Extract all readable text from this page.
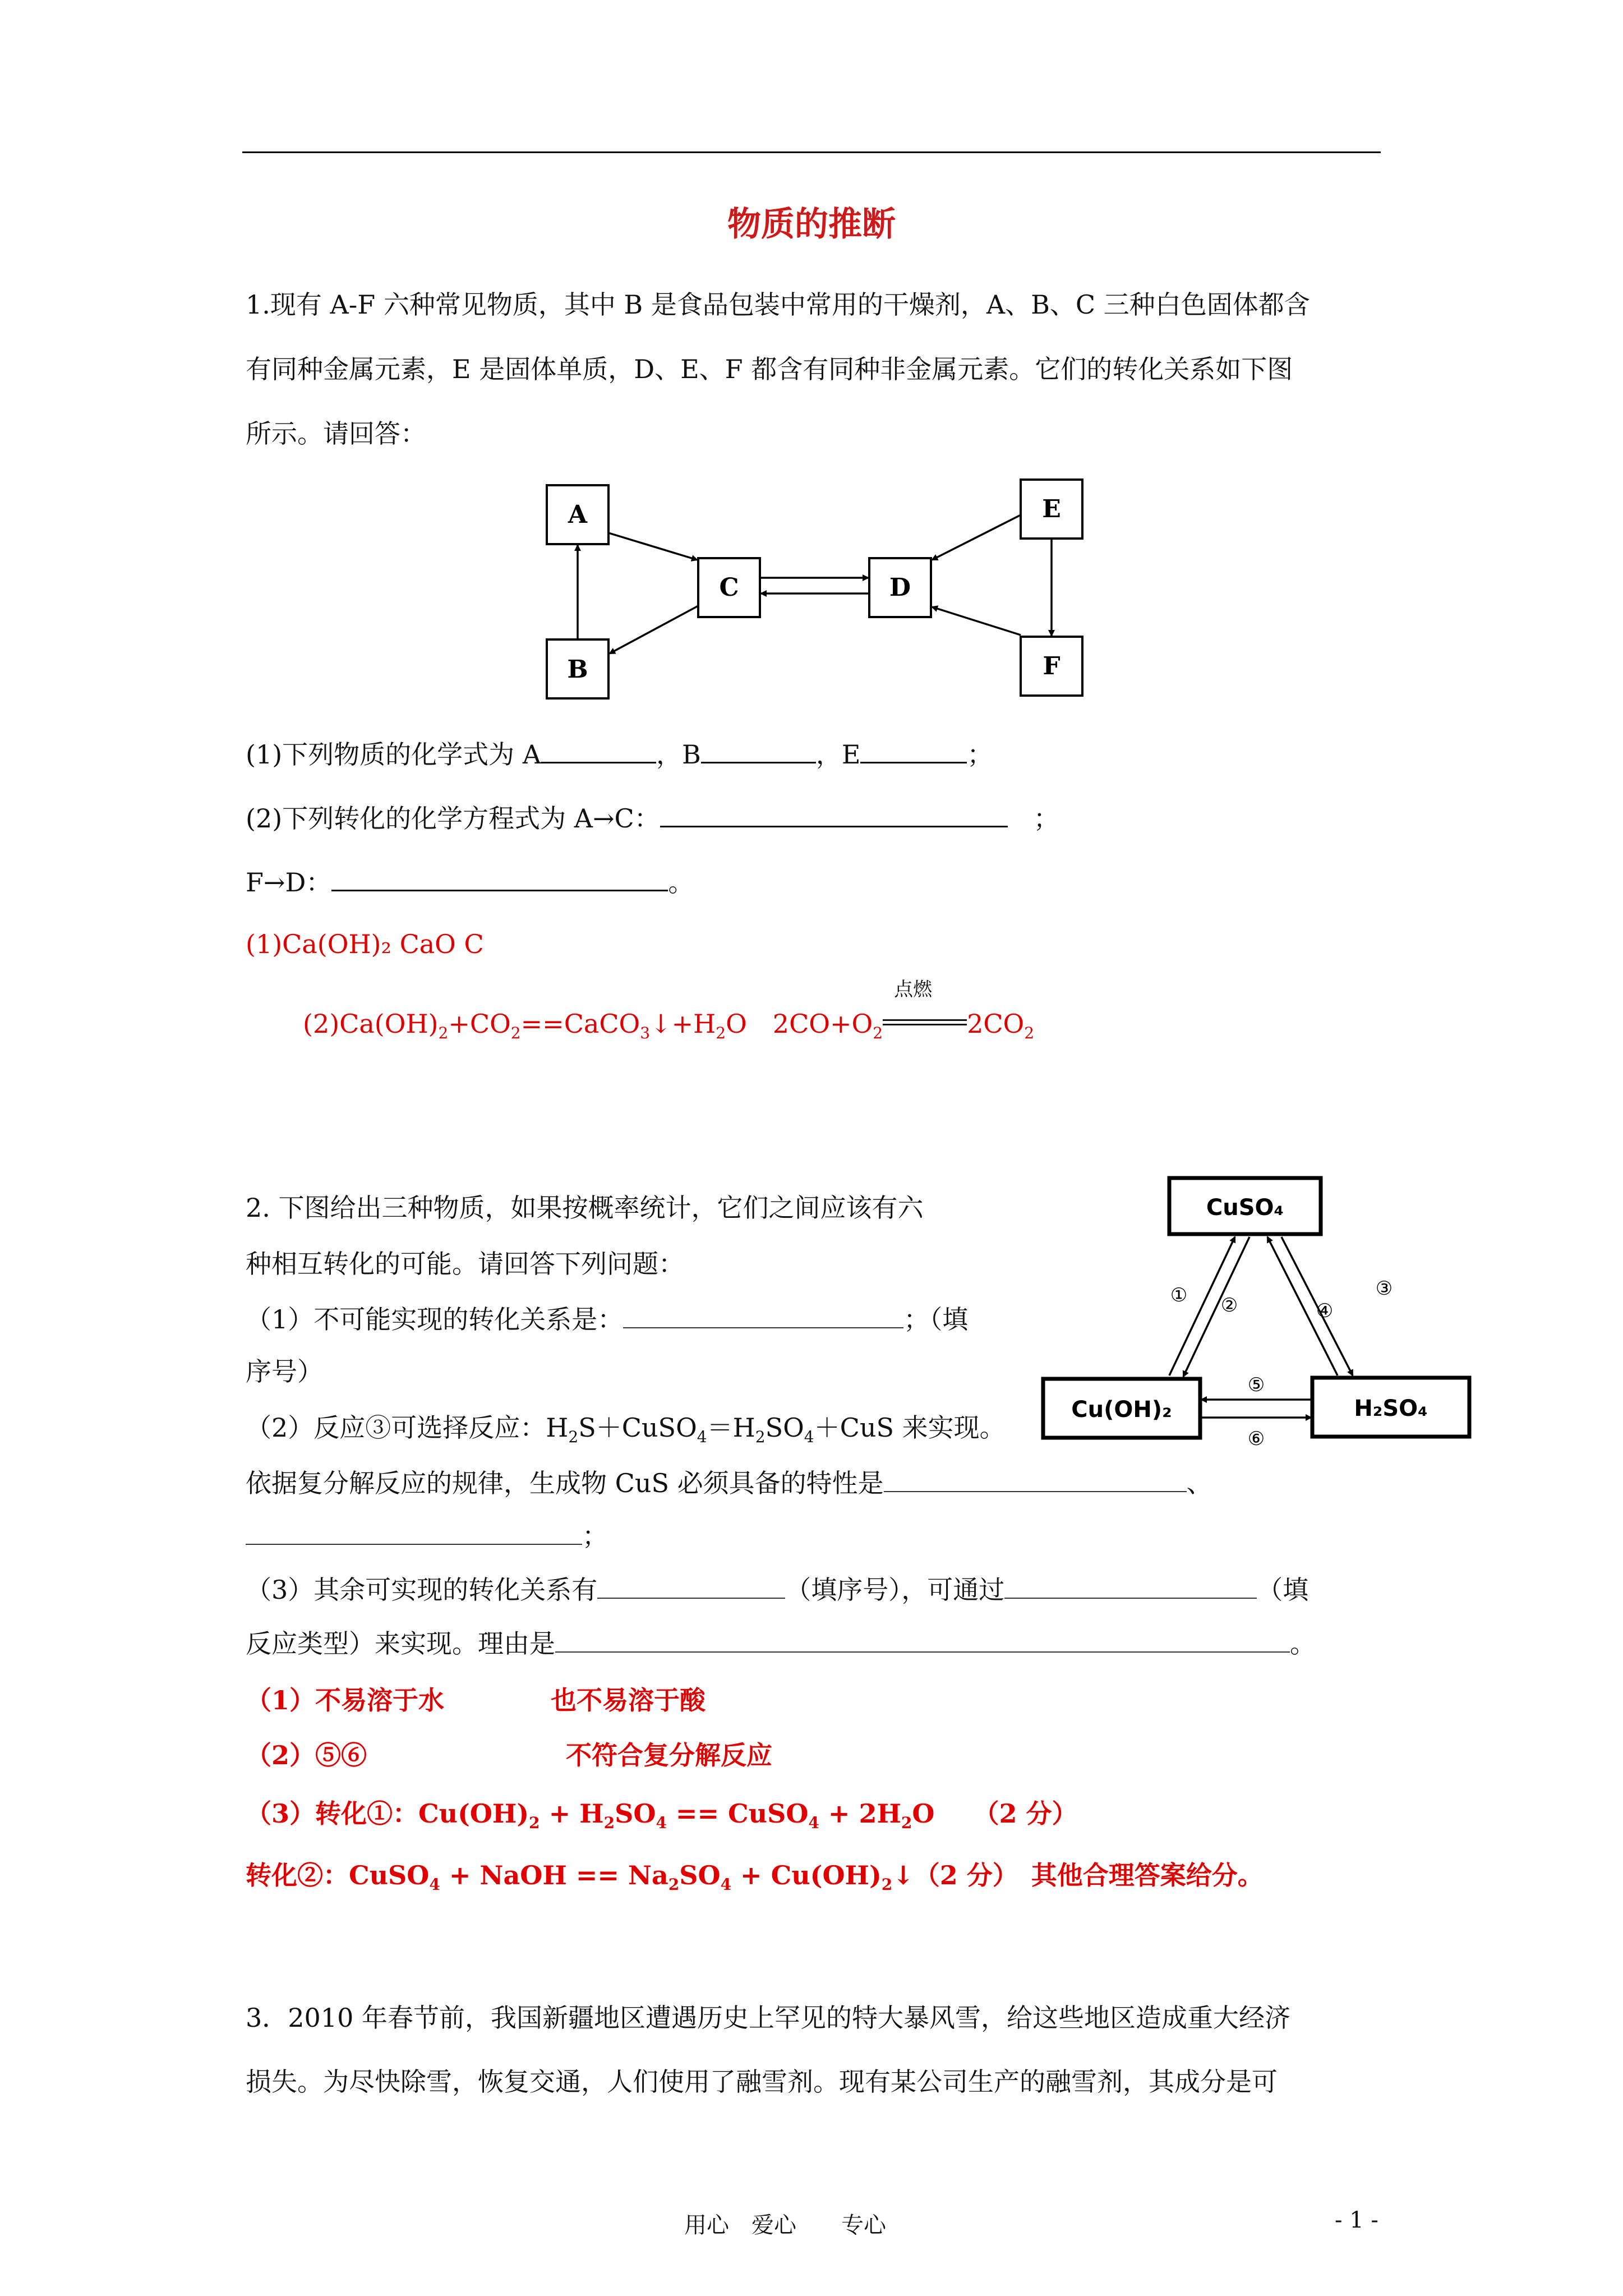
物质的推断
1.现有 A-F 六种常见物质，其中 B 是食品包装中常用的干燥剂，A、B、C 三种白色固体都含
有同种金属元素，E 是固体单质，D、E、F 都含有同种非金属元素。它们的转化关系如下图
所示。请回答：
A
B
C	D
E
F
(1)下列物质的化学式为 A	，B	，E	；
(2)下列转化的化学方程式为 A→C：　	；
F→D：	。
(1)Ca(OH)₂ CaO C
$(2)Ca(OH)_2+CO_2==CaCO_3↓+H_2O$　$2CO+O_2$
点燃
$2CO_2$
2. 下图给出三种物质，如果按概率统计，它们之间应该有六
种相互转化的可能。请回答下列问题：
（1）不可能实现的转化关系是：	；（填
序号）
（2）反应③可选择反应：$H_2S+CuSO_4=H_2SO_4+CuS$ 来实现。
依据复分解反应的规律，生成物 CuS 必须具备的特性是	、
；
（3）其余可实现的转化关系有	（填序号），可通过	（填
反应类型）来实现。理由是	。
CuSO₄
Cu(OH)₂	H₂SO₄
① ②	④
③
⑤
⑥
（1）不易溶于水	也不易溶于酸
（2）⑤⑥	不符合复分解反应
（3）转化①：$Cu(OH)_2 + H_2SO_4$ == CuSO$_4$ + $2H_2O$　　（2 分）
转化②：CuSO$_4$ + NaOH == $Na_2SO_4$ + $Cu(OH)_2↓(2$ 分）　其他合理答案给分。
3．2010 年春节前，我国新疆地区遭遇历史上罕见的特大暴风雪，给这些地区造成重大经济
损失。为尽快除雪，恢复交通，人们使用了融雪剂。现有某公司生产的融雪剂，其成分是可
用心　爱心　　专心	- 1 -
